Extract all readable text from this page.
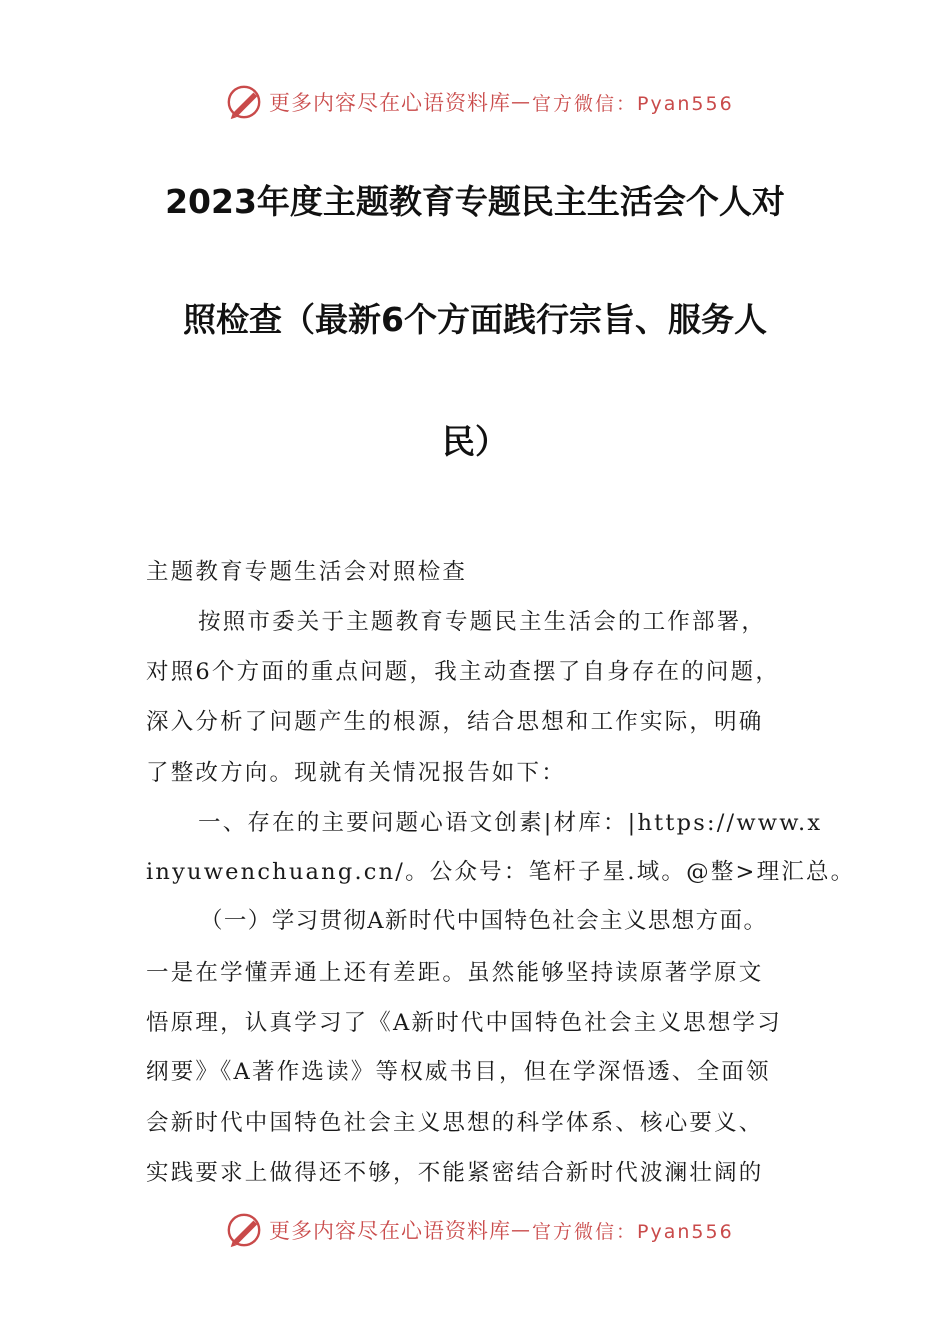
更多内容尽在心语资料库 — 官方微信：Pyan556
2023年度主题教育专题民主生活会个人对
照检查（最新6个方面践行宗旨、服务人
民）

主题教育专题生活会对照检查

按照市委关于主题教育专题民主生活会的工作部署，

对照6个方面的重点问题，我主动查摆了自身存在的问题，

深入分析了问题产生的根源，结合思想和工作实际，明确

了整改方向。现就有关情况报告如下：

一、存在的主要问题心语文创素|材库：|https://www.x

inyuwenchuang.cn/。公众号：笔杆子星.域。@整>理汇总。

（一）学习贯彻A新时代中国特色社会主义思想方面。

一是在学懂弄通上还有差距。虽然能够坚持读原著学原文

悟原理，认真学习了《A新时代中国特色社会主义思想学习

纲要》《A著作选读》等权威书目，但在学深悟透、全面领

会新时代中国特色社会主义思想的科学体系、核心要义、

实践要求上做得还不够，不能紧密结合新时代波澜壮阔的

更多内容尽在心语资料库 — 官方微信：Pyan556
